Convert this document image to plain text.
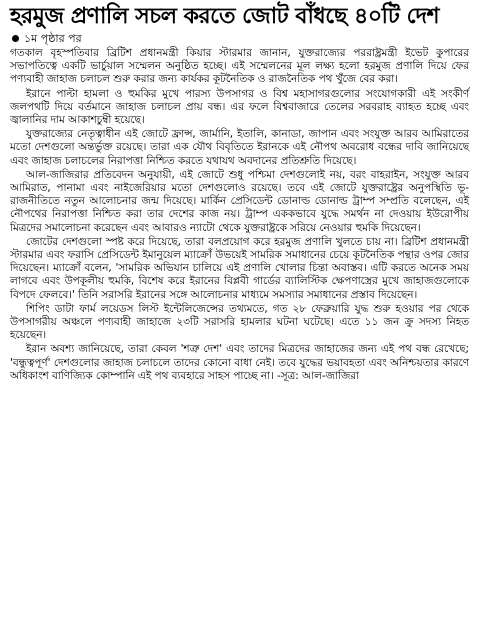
হরমুজ প্রণালি সচল করতে জোট বাঁধছে ৪০টি দেশ
১ম পৃষ্ঠার পর

গতকাল বৃহস্পতিবার ব্রিটিশ প্রধানমন্ত্রী কিয়ার স্টারমার জানান, যুক্তরাজ্যের পররাষ্ট্রমন্ত্রী ইভেট কুপারের সভাপতিত্বে একটি ভার্চুয়াল সম্মেলন অনুষ্ঠিত হচ্ছে। এই সম্মেলনের মূল লক্ষ্য হলো হরমুজ প্রণালি দিয়ে ফের পণ্যবাহী জাহাজ চলাচল শুরু করার জন্য কার্যকর কূটনৈতিক ও রাজনৈতিক পথ খুঁজে বের করা।

ইরানে পাল্টা হামলা ও হুমকির মুখে পারস্য উপসাগর ও বিশ্ব মহাসাগরগুলোর সংযোগকারী এই সংকীর্ণ জলপথটি দিয়ে বর্তমানে জাহাজ চলাচল প্রায় বন্ধ। এর ফলে বিশ্ববাজারে তেলের সরবরাহ ব্যাহত হচ্ছে এবং জ্বালানির দাম আকাশচুম্বী হয়েছে।

যুক্তরাজ্যের নেতৃত্বাধীন এই জোটে ফ্রান্স, জার্মানি, ইতালি, কানাডা, জাপান এবং সংযুক্ত আরব আমিরাতের মতো দেশগুলো অন্তর্ভুক্ত রয়েছে। তারা এক যৌথ বিবৃতিতে ইরানকে এই নৌপথ অবরোধ বন্ধের দাবি জানিয়েছে এবং জাহাজ চলাচলের নিরাপত্তা নিশ্চিত করতে যথাযথ অবদানের প্রতিশ্রুতি দিয়েছে।

আল-জাজিরার প্রতিবেদন অনুযায়ী, এই জোটে শুধু পশ্চিমা দেশগুলোই নয়, বরং বাহরাইন, সংযুক্ত আরব আমিরাত, পানামা এবং নাইজেরিয়ার মতো দেশগুলোও রয়েছে। তবে এই জোটে যুক্তরাষ্ট্রের অনুপস্থিতি ভূ-রাজনীতিতে নতুন আলোচনার জন্ম দিয়েছে। মার্কিন প্রেসিডেন্ট ডোনাল্ড ডোনাল্ড ট্রাম্প সম্প্রতি বলেছেন, এই নৌপথের নিরাপত্তা নিশ্চিত করা তার দেশের কাজ নয়। ট্রাম্প এককভাবে যুদ্ধে সমর্থন না দেওয়ায় ইউরোপীয় মিত্রদের সমালোচনা করেছেন এবং আবারও ন্যাটো থেকে যুক্তরাষ্ট্রকে সরিয়ে নেওয়ার হুমকি দিয়েছেন।

জোটের দেশগুলো স্পষ্ট করে দিয়েছে, তারা বলপ্রয়োগ করে হরমুজ প্রণালি খুলতে চায় না। ব্রিটিশ প্রধানমন্ত্রী স্টারমার এবং ফরাসি প্রেসিডেন্ট ইমানুয়েল ম্যাক্রোঁ উভয়েই সামরিক সমাধানের চেয়ে কূটনৈতিক পন্থার ওপর জোর দিয়েছেন। ম্যাক্রোঁ বলেন, 'সামরিক অভিযান চালিয়ে এই প্রণালি খোলার চিন্তা অবাস্তব। এটি করতে অনেক সময় লাগবে এবং উপকূলীয় হুমকি, বিশেষ করে ইরানের বিপ্লবী গার্ডের ব্যালিস্টিক ক্ষেপণাস্ত্রের মুখে জাহাজগুলোকে বিপদে ফেলবে।' তিনি সরাসরি ইরানের সঙ্গে আলোচনার মাধ্যমে সমস্যার সমাধানের প্রস্তাব দিয়েছেন।

শিপিং ডাটা ফার্ম লয়েডস লিস্ট ইন্টেলিজেন্সের তথ্যমতে, গত ২৮ ফেব্রুয়ারি যুদ্ধ শুরু হওয়ার পর থেকে উপসাগরীয় অঞ্চলে পণ্যবাহী জাহাজে ২৩টি সরাসরি হামলার ঘটনা ঘটেছে। এতে ১১ জন ক্রু সদস্য নিহত হয়েছেন।

ইরান অবশ্য জানিয়েছে, তারা কেবল 'শত্রু দেশ' এবং তাদের মিত্রদের জাহাজের জন্য এই পথ বন্ধ রেখেছে; 'বন্ধুত্বপূর্ণ' দেশগুলোর জাহাজ চলাচলে তাদের কোনো বাধা নেই। তবে যুদ্ধের ভয়াবহতা এবং অনিশ্চয়তার কারণে অধিকাংশ বাণিজ্যিক কোম্পানি এই পথ ব্যবহারে সাহস পাচ্ছে না। -সূত্র: আল-জাজিরা
